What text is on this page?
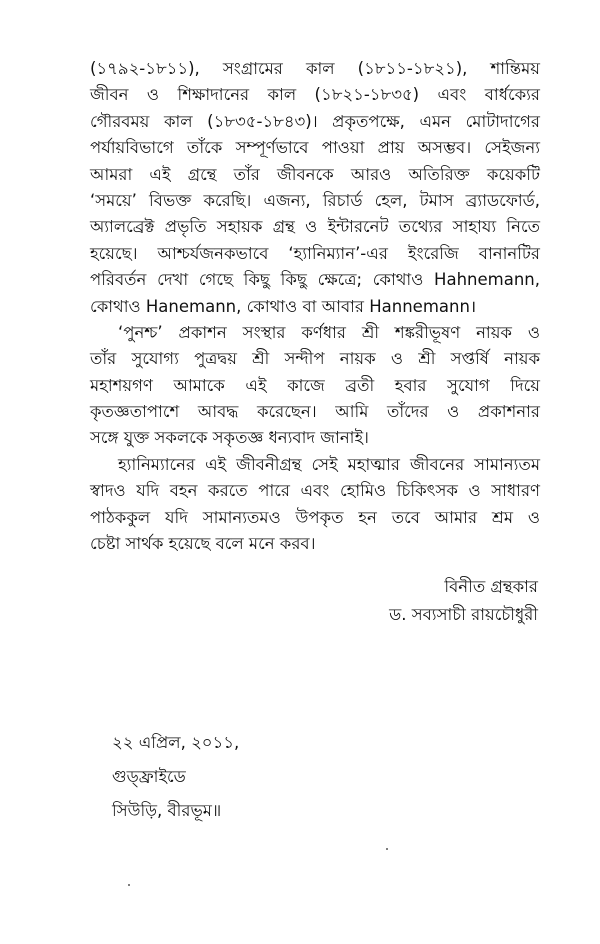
(১৭৯২-১৮১১), সংগ্রামের কাল (১৮১১-১৮২১), শান্তিময়
জীবন ও শিক্ষাদানের কাল (১৮২১-১৮৩৫) এবং বার্ধক্যের
গৌরবময় কাল (১৮৩৫-১৮৪৩)। প্রকৃতপক্ষে, এমন মোটাদাগের
পর্যায়বিভাগে তাঁকে সম্পূর্ণভাবে পাওয়া প্রায় অসম্ভব। সেইজন্য
আমরা এই গ্রন্থে তাঁর জীবনকে আরও অতিরিক্ত কয়েকটি
‘সময়ে’ বিভক্ত করেছি। এজন্য, রিচার্ড হেল, টমাস ব্র্যাডফোর্ড,
অ্যালব্রেক্ট প্রভৃতি সহায়ক গ্রন্থ ও ইন্টারনেট তথ্যের সাহায্য নিতে
হয়েছে। আশ্চর্যজনকভাবে ‘হ্যানিম্যান’-এর ইংরেজি বানানটির
পরিবর্তন দেখা গেছে কিছু কিছু ক্ষেত্রে; কোথাও Hahnemann,
কোথাও Hanemann, কোথাও বা আবার Hannemann।
‘পুনশ্চ’ প্রকাশন সংস্থার কর্ণধার শ্রী শঙ্করীভূষণ নায়ক ও
তাঁর সুযোগ্য পুত্রদ্বয় শ্রী সন্দীপ নায়ক ও শ্রী সপ্তর্ষি নায়ক
মহাশয়গণ আমাকে এই কাজে ব্রতী হবার সুযোগ দিয়ে
কৃতজ্ঞতাপাশে আবদ্ধ করেছেন। আমি তাঁদের ও প্রকাশনার
সঙ্গে যুক্ত সকলকে সকৃতজ্ঞ ধন্যবাদ জানাই।
হ্যানিম্যানের এই জীবনীগ্রন্থ সেই মহাত্মার জীবনের সামান্যতম
স্বাদও যদি বহন করতে পারে এবং হোমিও চিকিৎসক ও সাধারণ
পাঠককুল যদি সামান্যতমও উপকৃত হন তবে আমার শ্রম ও
চেষ্টা সার্থক হয়েছে বলে মনে করব।
বিনীত গ্রন্থকার
ড. সব্যসাচী রায়চৌধুরী
২২ এপ্রিল, ২০১১,
গুড্‌ফ্রাইডে
সিউড়ি, বীরভূম॥
